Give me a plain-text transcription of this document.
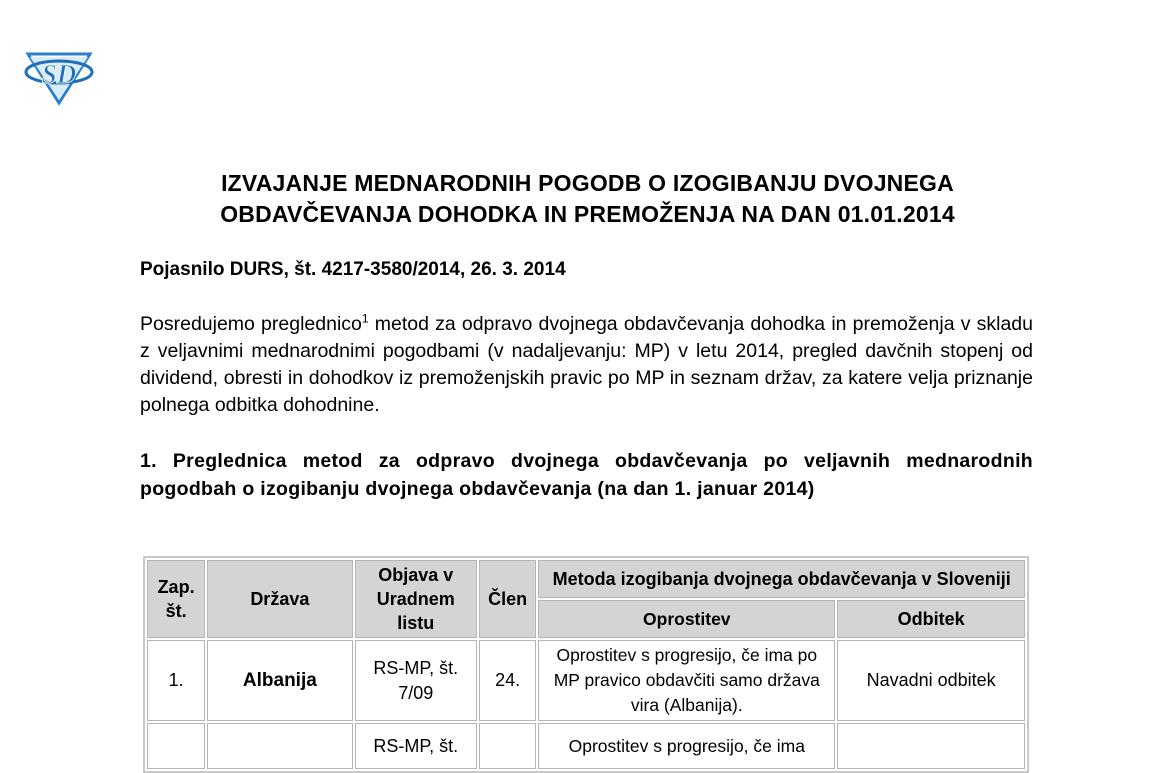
SD
IZVAJANJE MEDNARODNIH POGODB O IZOGIBANJU DVOJNEGA
OBDAVČEVANJA DOHODKA IN PREMOŽENJA NA DAN 01.01.2014
Pojasnilo DURS, št. 4217-3580/2014, 26. 3. 2014
Posredujemo preglednico$^1$ metod za odpravo dvojnega obdavčevanja dohodka in premoženja v skladu z veljavnimi mednarodnimi pogodbami (v nadaljevanju: MP) v letu 2014, pregled davčnih stopenj od dividend, obresti in dohodkov iz premoženjskih pravic po MP in seznam držav, za katere velja priznanje polnega odbitka dohodnine.
1. Preglednica metod za odpravo dvojnega obdavčevanja po veljavnih mednarodnih pogodbah o izogibanju dvojnega obdavčevanja (na dan 1. januar 2014)
Zap. št.	Država	Objava v Uradnem listu	Člen	Metoda izogibanja dvojnega obdavčevanja v Sloveniji	
				Oprostitev	Odbitek
1.	Albanija	RS-MP, št. 7/09	24.	Oprostitev s progresijo, če ima po MP pravico obdavčiti samo država vira (Albanija).	Navadni odbitek
		RS-MP, št.		Oprostitev s progresijo, če ima	
